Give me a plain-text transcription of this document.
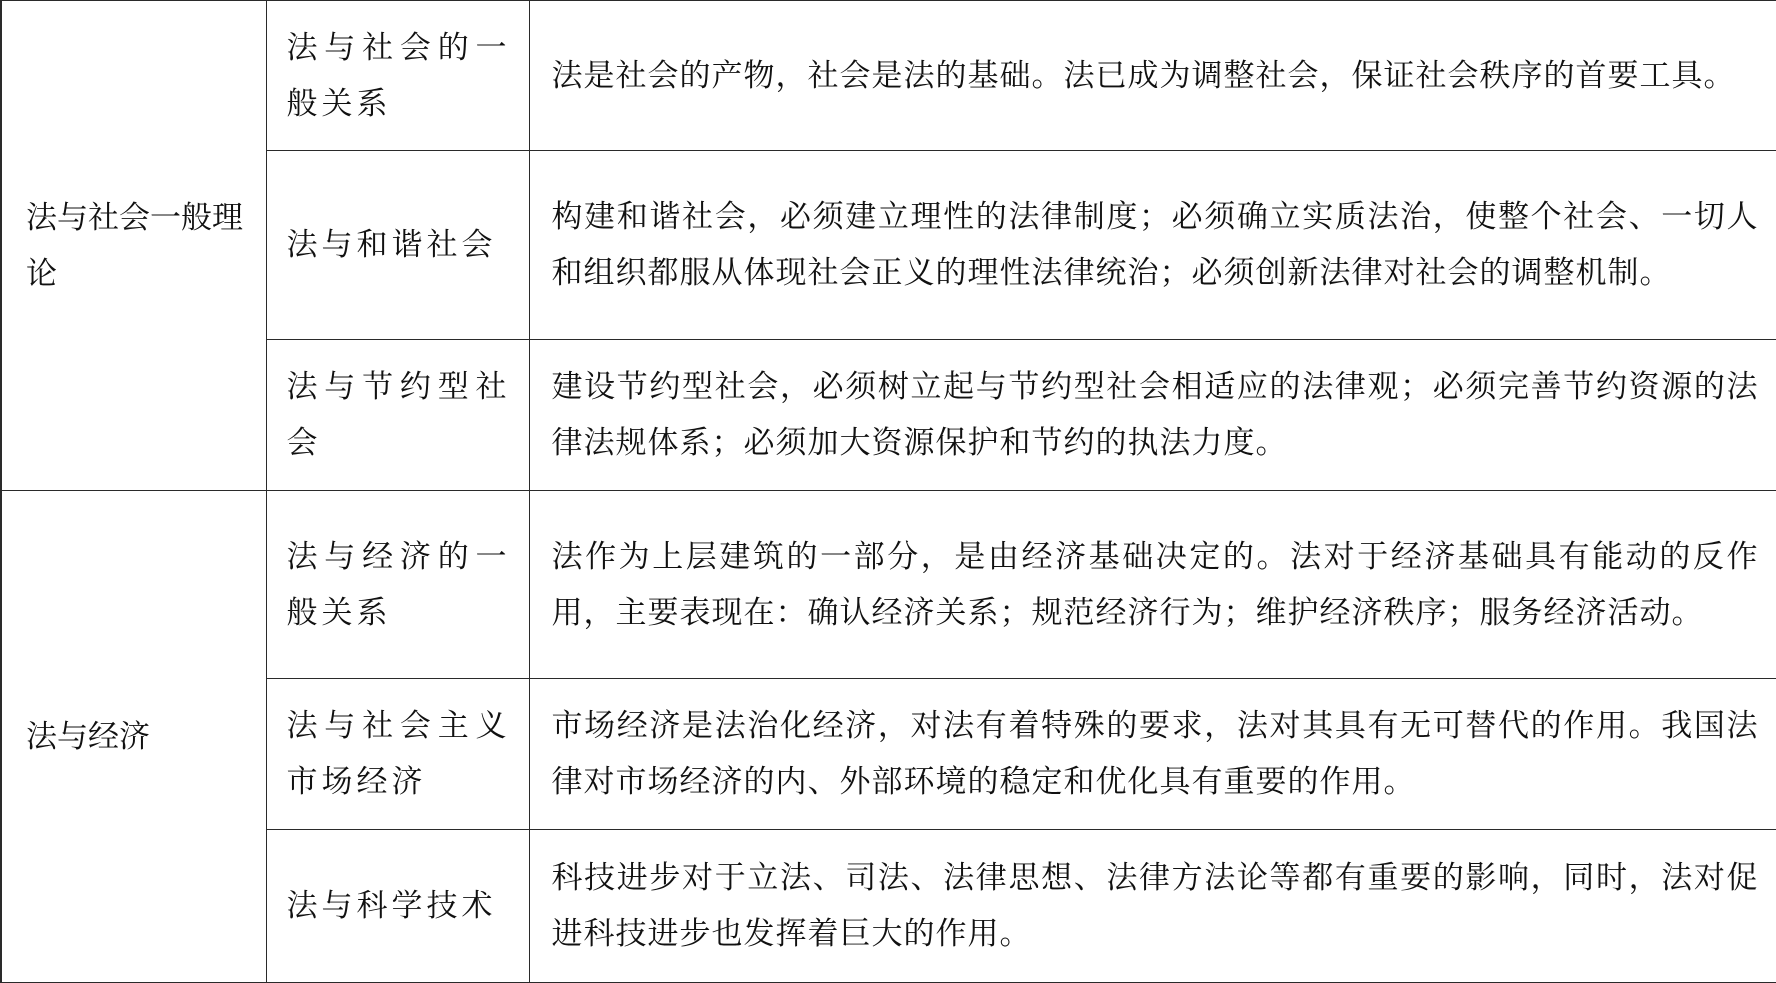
法与社会一般理论	法与社会的一般关系	法是社会的产物，社会是法的基础。法已成为调整社会，保证社会秩序的首要工具。

	法与和谐社会	构建和谐社会，必须建立理性的法律制度；必须确立实质法治，使整个社会、一切人和组织都服从体现社会正义的理性法律统治；必须创新法律对社会的调整机制。

	法与节约型社会	建设节约型社会，必须树立起与节约型社会相适应的法律观；必须完善节约资源的法律法规体系；必须加大资源保护和节约的执法力度。

法与经济	法与经济的一般关系	法作为上层建筑的一部分，是由经济基础决定的。法对于经济基础具有能动的反作用，主要表现在：确认经济关系；规范经济行为；维护经济秩序；服务经济活动。

	法与社会主义市场经济	市场经济是法治化经济，对法有着特殊的要求，法对其具有无可替代的作用。我国法律对市场经济的内、外部环境的稳定和优化具有重要的作用。

	法与科学技术	科技进步对于立法、司法、法律思想、法律方法论等都有重要的影响，同时，法对促进科技进步也发挥着巨大的作用。
